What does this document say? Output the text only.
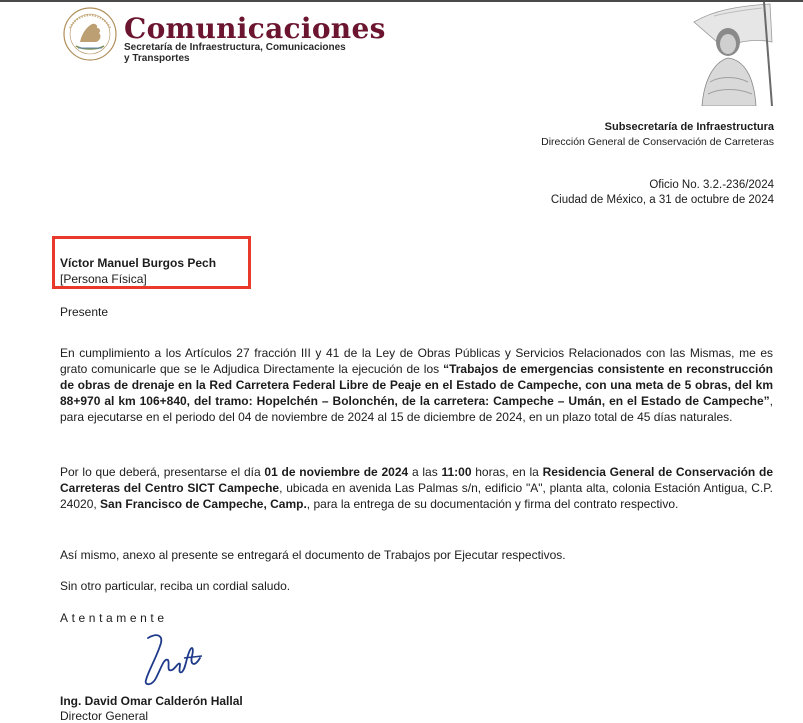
Comunicaciones
Secretaría de Infraestructura, Comunicaciones y Transportes
Subsecretaría de Infraestructura
Dirección General de Conservación de Carreteras
Oficio No. 3.2.-236/2024
Ciudad de México, a 31 de octubre de 2024
Víctor Manuel Burgos Pech
[Persona Física]
Presente
En cumplimiento a los Artículos 27 fracción III y 41 de la Ley de Obras Públicas y Servicios Relacionados con las Mismas, me es grato comunicarle que se le Adjudica Directamente la ejecución de los “Trabajos de emergencias consistente en reconstrucción de obras de drenaje en la Red Carretera Federal Libre de Peaje en el Estado de Campeche, con una meta de 5 obras, del km 88+970 al km 106+840, del tramo: Hopelchén – Bolonchén, de la carretera: Campeche – Umán, en el Estado de Campeche”, para ejecutarse en el periodo del 04 de noviembre de 2024 al 15 de diciembre de 2024, en un plazo total de 45 días naturales.
Por lo que deberá, presentarse el día 01 de noviembre de 2024 a las 11:00 horas, en la Residencia General de Conservación de Carreteras del Centro SICT Campeche, ubicada en avenida Las Palmas s/n, edificio "A", planta alta, colonia Estación Antigua, C.P. 24020, San Francisco de Campeche, Camp., para la entrega de su documentación y firma del contrato respectivo.
Así mismo, anexo al presente se entregará el documento de Trabajos por Ejecutar respectivos.
Sin otro particular, reciba un cordial saludo.
Atentamente
Ing. David Omar Calderón Hallal
Director General
